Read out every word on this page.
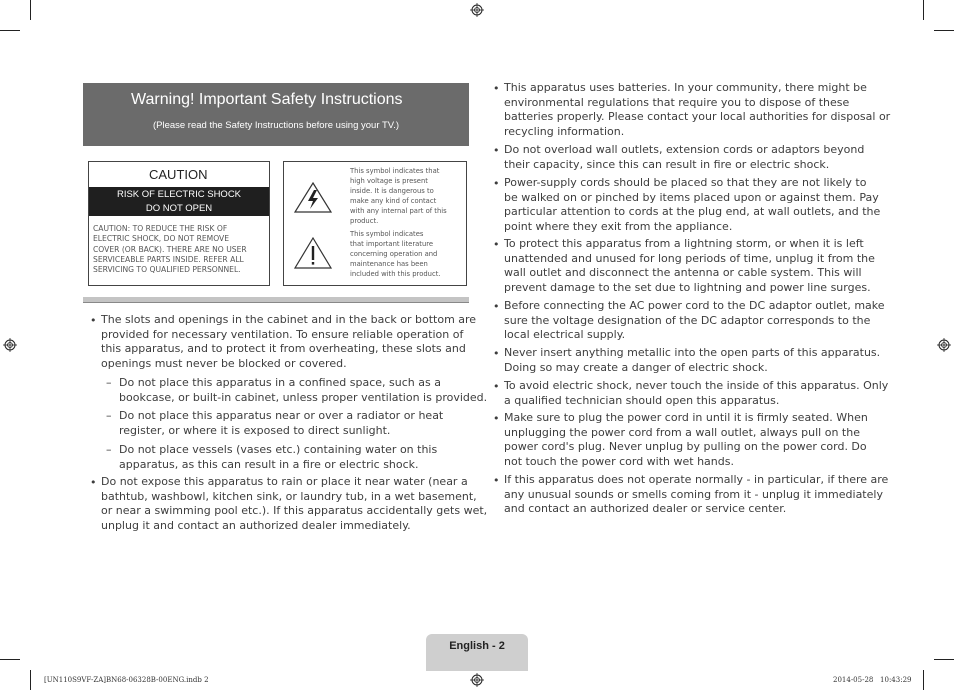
Warning! Important Safety Instructions
(Please read the Safety Instructions before using your TV.)
CAUTION
RISK OF ELECTRIC SHOCK
DO NOT OPEN
CAUTION: TO REDUCE THE RISK OF
ELECTRIC SHOCK, DO NOT REMOVE
COVER (OR BACK). THERE ARE NO USER
SERVICEABLE PARTS INSIDE. REFER ALL
SERVICING TO QUALIFIED PERSONNEL.
This symbol indicates that
high voltage is present
inside. It is dangerous to
make any kind of contact
with any internal part of this
product.
This symbol indicates
that important literature
concerning operation and
maintenance has been
included with this product.
• The slots and openings in the cabinet and in the back or bottom are
provided for necessary ventilation. To ensure reliable operation of
this apparatus, and to protect it from overheating, these slots and
openings must never be blocked or covered.
– Do not place this apparatus in a confined space, such as a
bookcase, or built-in cabinet, unless proper ventilation is provided.
– Do not place this apparatus near or over a radiator or heat
register, or where it is exposed to direct sunlight.
– Do not place vessels (vases etc.) containing water on this
apparatus, as this can result in a fire or electric shock.
• Do not expose this apparatus to rain or place it near water (near a
bathtub, washbowl, kitchen sink, or laundry tub, in a wet basement,
or near a swimming pool etc.). If this apparatus accidentally gets wet,
unplug it and contact an authorized dealer immediately.
• This apparatus uses batteries. In your community, there might be
environmental regulations that require you to dispose of these
batteries properly. Please contact your local authorities for disposal or
recycling information.
• Do not overload wall outlets, extension cords or adaptors beyond
their capacity, since this can result in fire or electric shock.
• Power-supply cords should be placed so that they are not likely to
be walked on or pinched by items placed upon or against them. Pay
particular attention to cords at the plug end, at wall outlets, and the
point where they exit from the appliance.
• To protect this apparatus from a lightning storm, or when it is left
unattended and unused for long periods of time, unplug it from the
wall outlet and disconnect the antenna or cable system. This will
prevent damage to the set due to lightning and power line surges.
• Before connecting the AC power cord to the DC adaptor outlet, make
sure the voltage designation of the DC adaptor corresponds to the
local electrical supply.
• Never insert anything metallic into the open parts of this apparatus.
Doing so may create a danger of electric shock.
• To avoid electric shock, never touch the inside of this apparatus. Only
a qualified technician should open this apparatus.
• Make sure to plug the power cord in until it is firmly seated. When
unplugging the power cord from a wall outlet, always pull on the
power cord's plug. Never unplug by pulling on the power cord. Do
not touch the power cord with wet hands.
• If this apparatus does not operate normally - in particular, if there are
any unusual sounds or smells coming from it - unplug it immediately
and contact an authorized dealer or service center.
English - 2
[UN110S9VF-ZA]BN68-06328B-00ENG.indb 2	2014-05-28   10:43:29
